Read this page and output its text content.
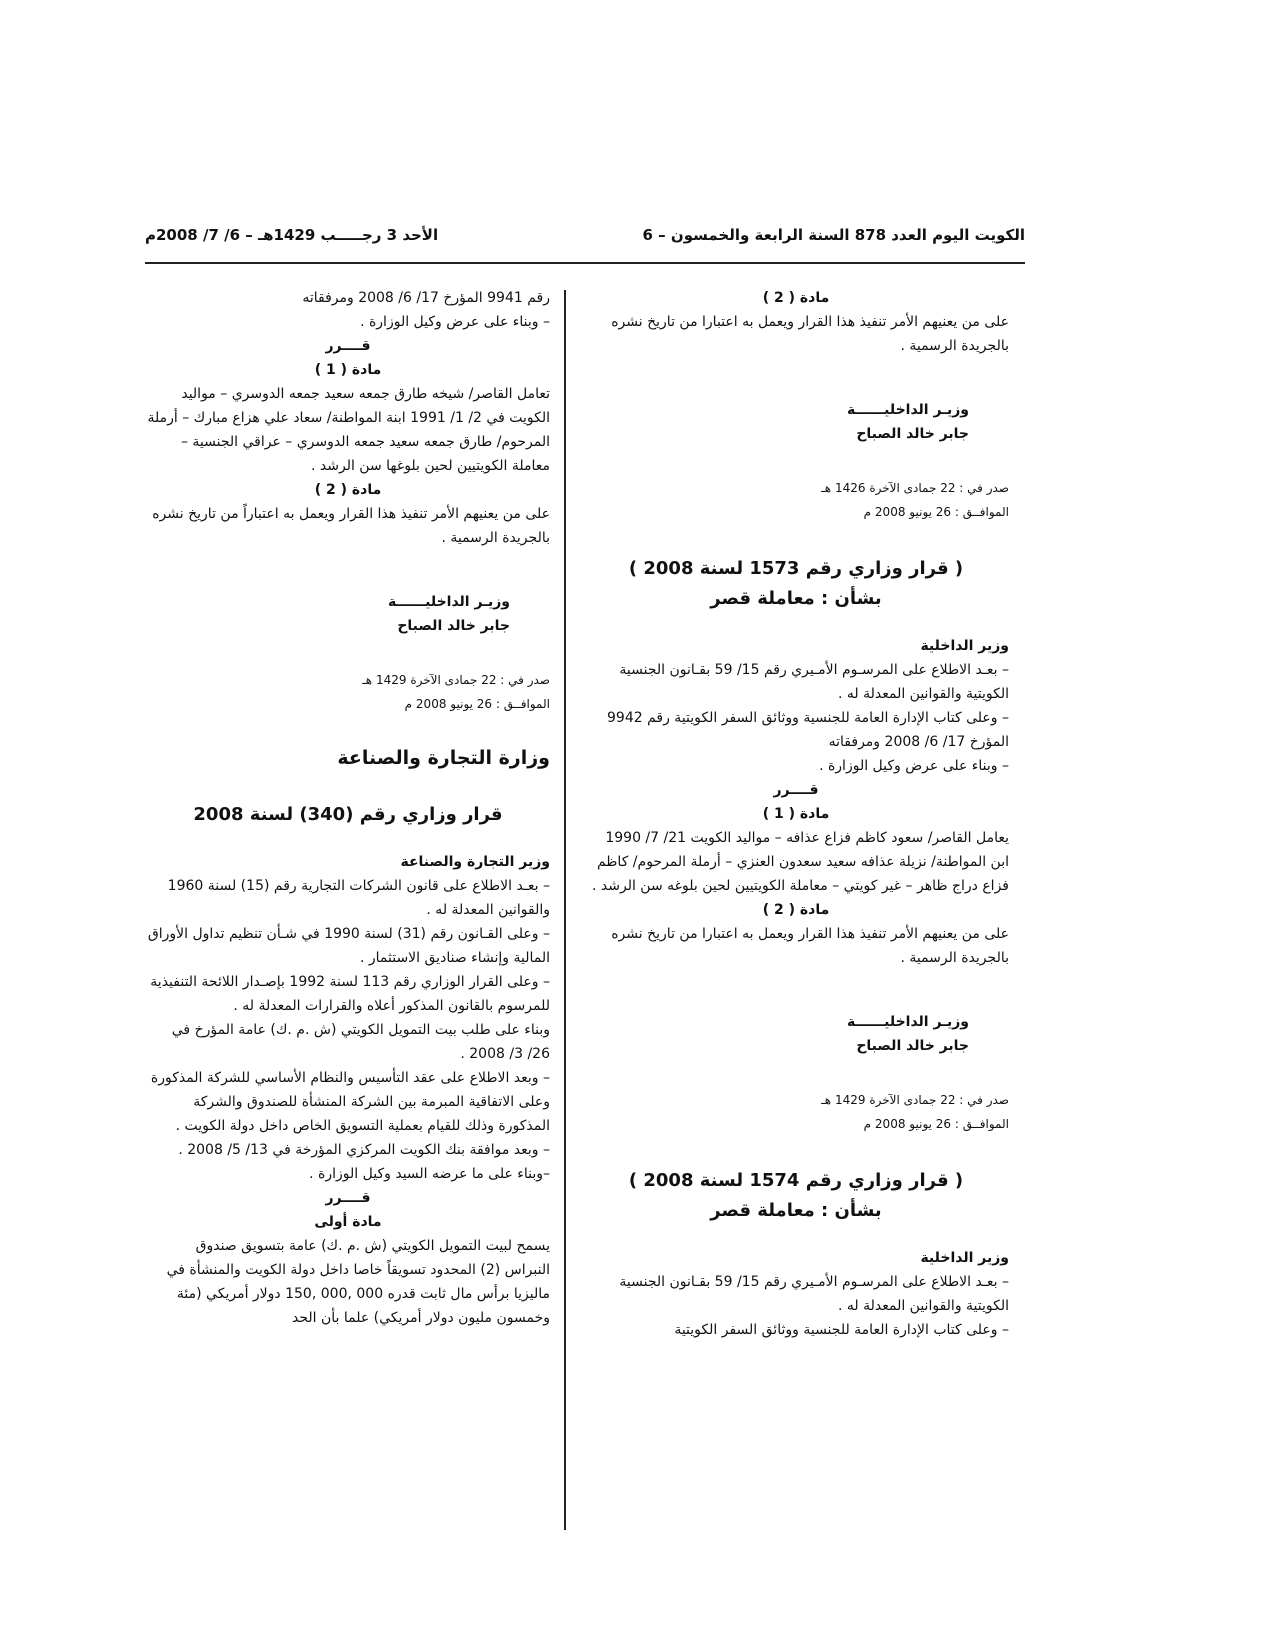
الكويت اليوم العدد 878 السنة الرابعة والخمسون – 6
الأحد 3 رجـــــب 1429هـ – 6/ 7/ 2008م

مادة ( 2 )

على من يعنيهم الأمر تنفيذ هذا القرار ويعمل به اعتبارا من تاريخ نشره بالجريدة الرسمية .

وزيـر الداخليــــــة

جابر خالد الصباح

صدر في : 22 جمادى الآخرة 1426 هـ

الموافــق : 26 يونيو 2008 م

( قرار وزاري رقم 1573 لسنة 2008 )

بشأن : معاملة قصر

وزير الداخلية

– بعـد الاطلاع على المرسـوم الأمـيري رقم 15/ 59 بقـانون الجنسية الكويتية والقوانين المعدلة له .

– وعلى كتاب الإدارة العامة للجنسية ووثائق السفر الكويتية رقم 9942 المؤرخ 17/ 6/ 2008 ومرفقاته

– وبناء على عرض وكيل الوزارة .

قــــرر

مادة ( 1 )

يعامل القاصر/ سعود كاظم فزاع عذافه – مواليد الكويت 21/ 7/ 1990 ابن المواطنة/ نزيلة عذافه سعيد سعدون العنزي – أرملة المرحوم/ كاظم فزاع دراج ظاهر – غير كويتي – معاملة الكويتيين لحين بلوغه سن الرشد .

مادة ( 2 )

على من يعنيهم الأمر تنفيذ هذا القرار ويعمل به اعتبارا من تاريخ نشره بالجريدة الرسمية .

وزيـر الداخليــــــة

جابر خالد الصباح

صدر في : 22 جمادى الآخرة 1429 هـ

الموافــق : 26 يونيو 2008 م

( قرار وزاري رقم 1574 لسنة 2008 )

بشأن : معاملة قصر

وزير الداخلية

– بعـد الاطلاع على المرسـوم الأمـيري رقم 15/ 59 بقـانون الجنسية الكويتية والقوانين المعدلة له .

– وعلى كتاب الإدارة العامة للجنسية ووثائق السفر الكويتية

رقم 9941 المؤرخ 17/ 6/ 2008 ومرفقاته

– وبناء على عرض وكيل الوزارة .

قــــرر

مادة ( 1 )

تعامل القاصر/ شيخه طارق جمعه سعيد جمعه الدوسري – مواليد الكويت في 2/ 1/ 1991 ابنة المواطنة/ سعاد علي هزاع مبارك – أرملة المرحوم/ طارق جمعه سعيد جمعه الدوسري – عراقي الجنسية – معاملة الكويتيين لحين بلوغها سن الرشد .

مادة ( 2 )

على من يعنيهم الأمر تنفيذ هذا القرار ويعمل به اعتباراً من تاريخ نشره بالجريدة الرسمية .

وزيـر الداخليــــــة

جابر خالد الصباح

صدر في : 22 جمادى الآخرة 1429 هـ

الموافــق : 26 يونيو 2008 م

وزارة التجارة والصناعة

قرار وزاري رقم (340) لسنة 2008

وزير التجارة والصناعة

– بعـد الاطلاع على قانون الشركات التجارية رقم (15) لسنة 1960 والقوانين المعدلة له .

– وعلى القـانون رقم (31) لسنة 1990 في شـأن تنظيم تداول الأوراق المالية وإنشاء صناديق الاستثمار .

– وعلى القرار الوزاري رقم 113 لسنة 1992 بإصـدار اللائحة التنفيذية للمرسوم بالقانون المذكور أعلاه والقرارات المعدلة له .

وبناء على طلب بيت التمويل الكويتي (ش .م .ك) عامة المؤرخ في 26/ 3/ 2008 .

– وبعد الاطلاع على عقد التأسيس والنظام الأساسي للشركة المذكورة وعلى الاتفاقية المبرمة بين الشركة المنشأة للصندوق والشركة المذكورة وذلك للقيام بعملية التسويق الخاص داخل دولة الكويت .

– وبعد موافقة بنك الكويت المركزي المؤرخة في 13/ 5/ 2008 .

–وبناء على ما عرضه السيد وكيل الوزارة .

قــــرر

مادة أولى

يسمح لبيت التمويل الكويتي (ش .م .ك) عامة بتسويق صندوق النبراس (2) المحدود تسويقاً خاصا داخل دولة الكويت والمنشأة في ماليزيا برأس مال ثابت قدره 000 ,000 ,150 دولار أمريكي (مئة وخمسون مليون دولار أمريكي) علما بأن الحد
